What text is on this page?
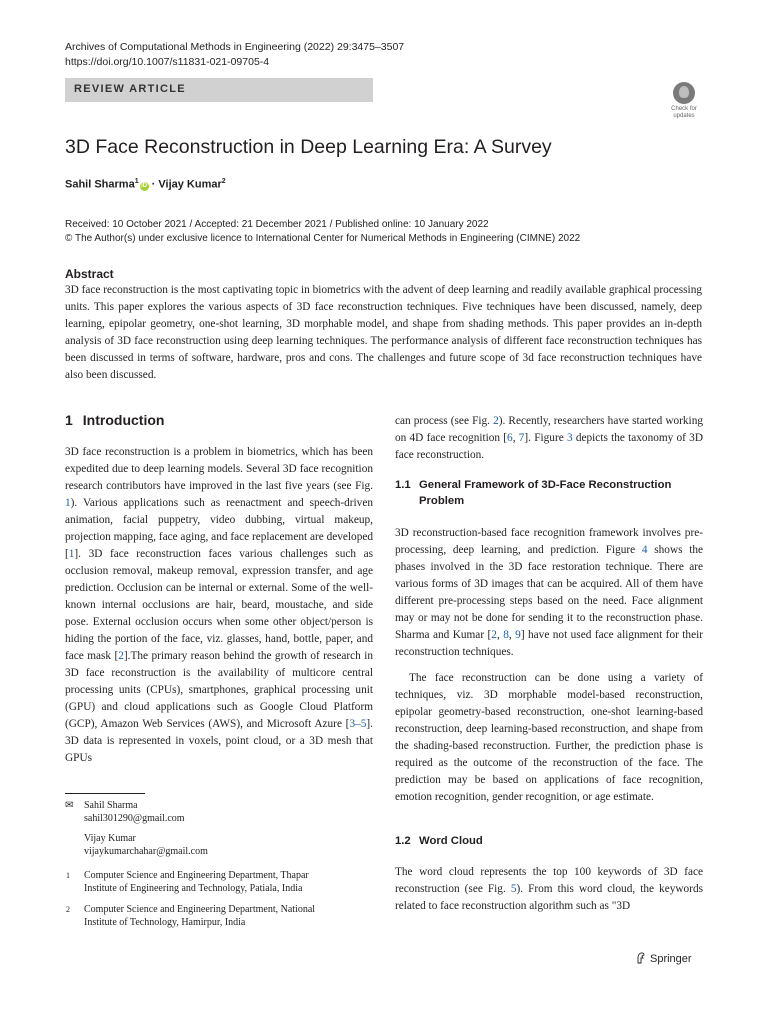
Archives of Computational Methods in Engineering (2022) 29:3475–3507
https://doi.org/10.1007/s11831-021-09705-4
REVIEW ARTICLE
Check for
updates
3D Face Reconstruction in Deep Learning Era: A Survey
Sahil Sharma$^1$iD · Vijay Kumar$^2$
Received: 10 October 2021 / Accepted: 21 December 2021 / Published online: 10 January 2022
© The Author(s) under exclusive licence to International Center for Numerical Methods in Engineering (CIMNE) 2022
Abstract

3D face reconstruction is the most captivating topic in biometrics with the advent of deep learning and readily available graphical processing units. This paper explores the various aspects of 3D face reconstruction techniques. Five techniques have been discussed, namely, deep learning, epipolar geometry, one-shot learning, 3D morphable model, and shape from shading methods. This paper provides an in-depth analysis of 3D face reconstruction using deep learning techniques. The performance analysis of different face reconstruction techniques has been discussed in terms of software, hardware, pros and cons. The challenges and future scope of 3d face reconstruction techniques have also been discussed.

1 Introduction

3D face reconstruction is a problem in biometrics, which has been expedited due to deep learning models. Several 3D face recognition research contributors have improved in the last five years (see Fig. 1). Various applications such as reenactment and speech-driven animation, facial puppetry, video dubbing, virtual makeup, projection mapping, face aging, and face replacement are developed [1]. 3D face reconstruction faces various challenges such as occlusion removal, makeup removal, expression transfer, and age prediction. Occlusion can be internal or external. Some of the well-known internal occlusions are hair, beard, moustache, and side pose. External occlusion occurs when some other object/person is hiding the portion of the face, viz. glasses, hand, bottle, paper, and face mask [2].The primary reason behind the growth of research in 3D face reconstruction is the availability of multicore central processing units (CPUs), smartphones, graphical processing unit (GPU) and cloud applications such as Google Cloud Platform (GCP), Amazon Web Services (AWS), and Microsoft Azure [3–5]. 3D data is represented in voxels, point cloud, or a 3D mesh that GPUs

✉ Sahil Sharma
sahil301290@gmail.com
Vijay Kumar
vijaykumarchahar@gmail.com
1 Computer Science and Engineering Department, Thapar
Institute of Engineering and Technology, Patiala, India
2 Computer Science and Engineering Department, National
Institute of Technology, Hamirpur, India

can process (see Fig. 2). Recently, researchers have started working on 4D face recognition [6, 7]. Figure 3 depicts the taxonomy of 3D face reconstruction.

1.1 General Framework of 3D-Face Reconstruction
Problem

3D reconstruction-based face recognition framework involves pre-processing, deep learning, and prediction. Figure 4 shows the phases involved in the 3D face restoration technique. There are various forms of 3D images that can be acquired. All of them have different pre-processing steps based on the need. Face alignment may or may not be done for sending it to the reconstruction phase. Sharma and Kumar [2, 8, 9] have not used face alignment for their reconstruction techniques.

The face reconstruction can be done using a variety of techniques, viz. 3D morphable model-based reconstruction, epipolar geometry-based reconstruction, one-shot learning-based reconstruction, deep learning-based reconstruction, and shape from the shading-based reconstruction. Further, the prediction phase is required as the outcome of the reconstruction of the face. The prediction may be based on applications of face recognition, emotion recognition, gender recognition, or age estimate.

1.2 Word Cloud

The word cloud represents the top 100 keywords of 3D face reconstruction (see Fig. 5). From this word cloud, the keywords related to face reconstruction algorithm such as "3D

Springer
